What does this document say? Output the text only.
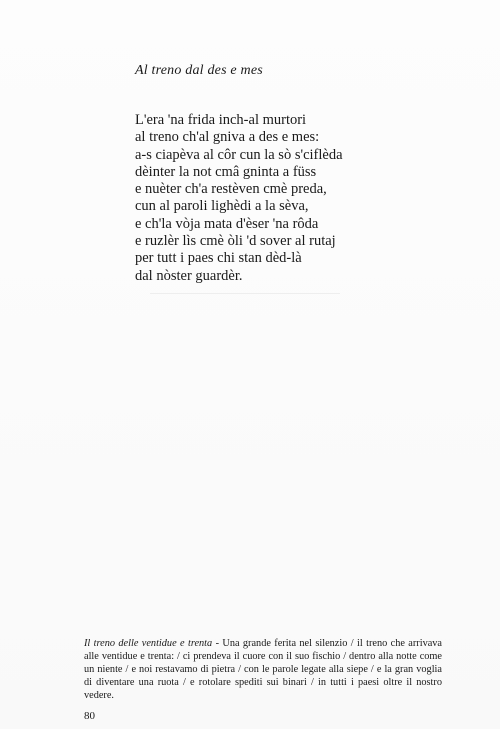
Al treno dal des e mes
L'era 'na frida inch-al murtori
al treno ch'al gniva a des e mes:
a-s ciapèva al côr cun la sò s'ciflèda
dèinter la not cmâ gninta a füss
e nuèter ch'a restèven cmè preda,
cun al paroli lighèdi a la sèva,
e ch'la vòja mata d'èser 'na rôda
e ruzlèr lìs cmè òli 'd sover al rutaj
per tutt i paes chi stan dèd-là
dal nòster guardèr.

Il treno delle ventidue e trenta - Una grande ferita nel silenzio / il treno che arrivava alle ventidue e trenta: / ci prendeva il cuore con il suo fischio / dentro alla notte come un niente / e noi restavamo di pietra / con le parole legate alla siepe / e la gran voglia di diventare una ruota / e rotolare spediti sui binari / in tutti i paesi oltre il nostro vedere.

80
